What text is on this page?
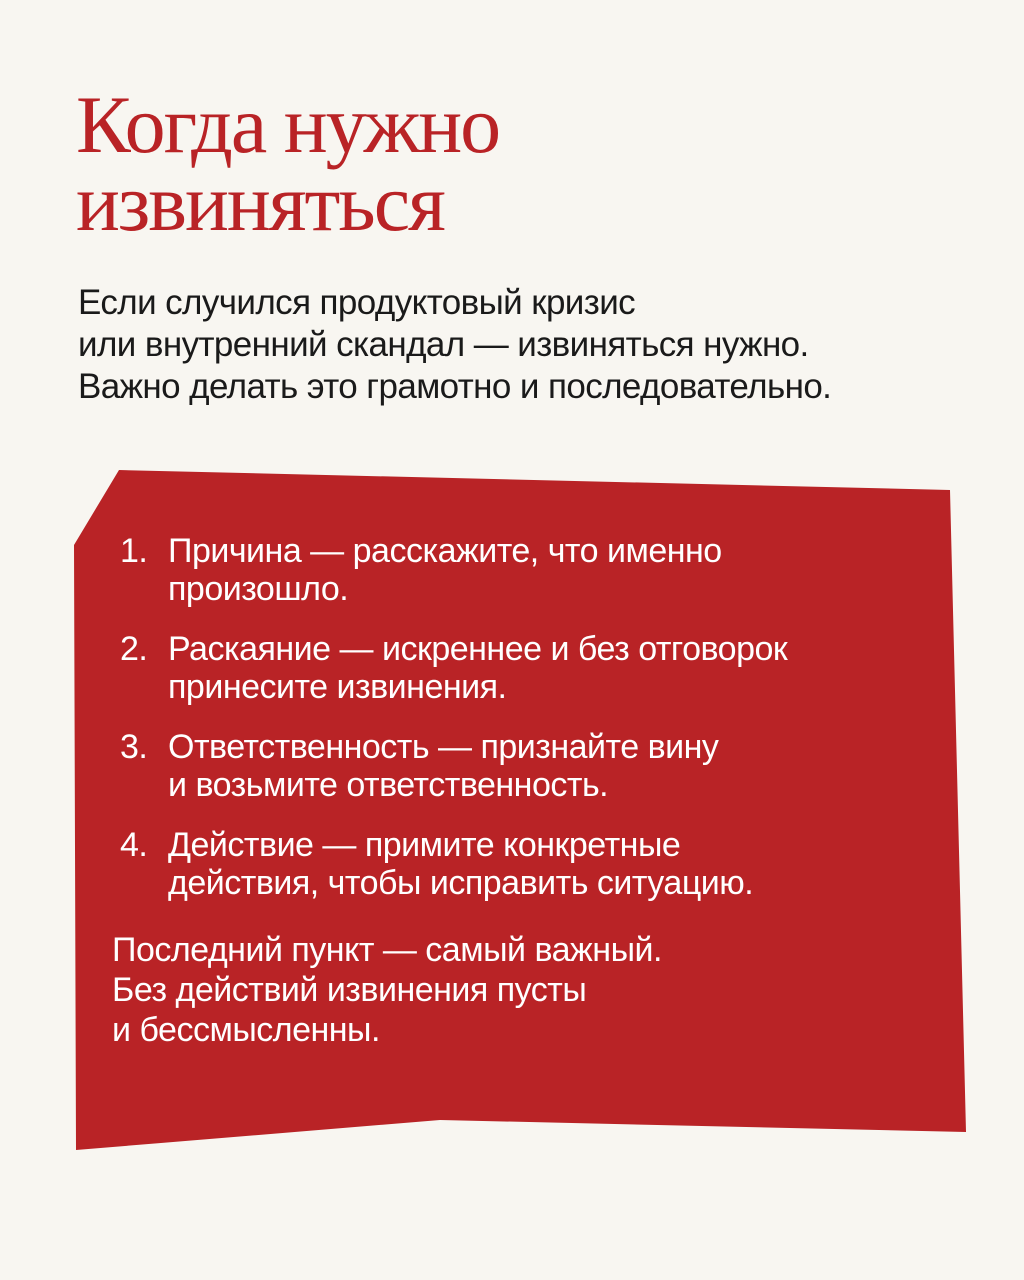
Когда нужно
извиняться
Если случился продуктовый кризис
или внутренний скандал — извиняться нужно.
Важно делать это грамотно и последовательно.
1. Причина — расскажите, что именно
произошло.
2. Раскаяние — искреннее и без отговорок
принесите извинения.
3. Ответственность — признайте вину
и возьмите ответственность.
4. Действие — примите конкретные
действия, чтобы исправить ситуацию.
Последний пункт — самый важный.
Без действий извинения пусты
и бессмысленны.
